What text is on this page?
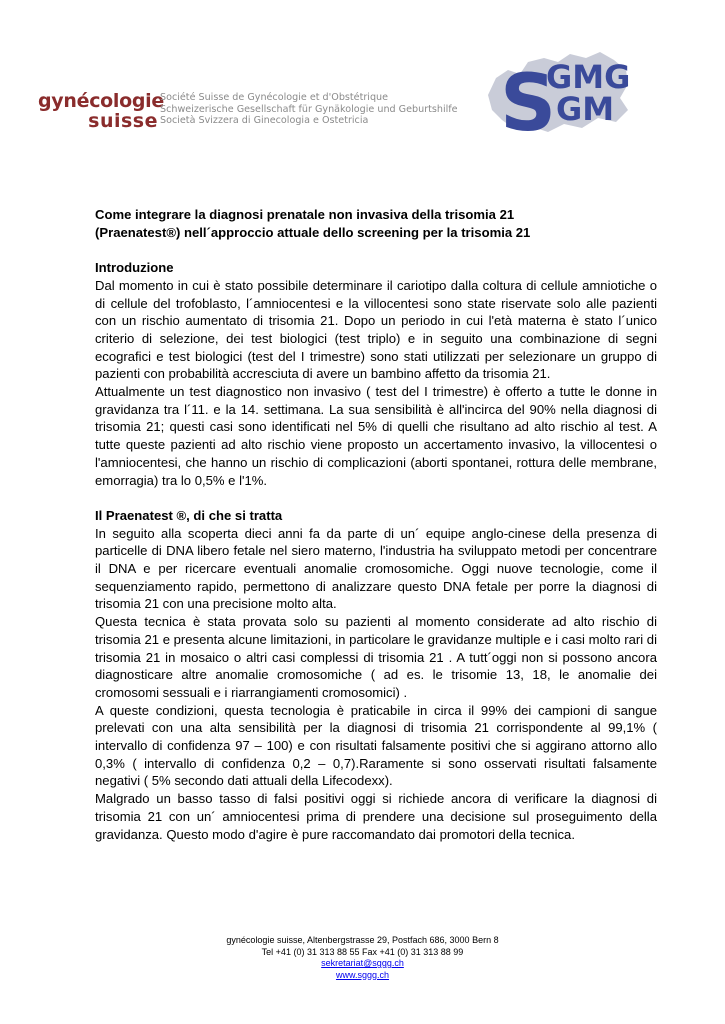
gynécologie
suisse
Société Suisse de Gynécologie et d'Obstétrique
Schweizerische Gesellschaft für Gynäkologie und Geburtshilfe
Società Svizzera di Ginecologia e Ostetricia	S
GMG
GM
Come integrare la diagnosi prenatale non invasiva della trisomia 21
(Praenatest®) nell´approccio attuale dello screening per la trisomia 21
Introduzione

Dal momento in cui è stato possibile determinare il cariotipo dalla coltura di cellule amniotiche o di cellule del trofoblasto, l´amniocentesi e la villocentesi sono state riservate solo alle pazienti con un rischio aumentato di trisomia 21. Dopo un periodo in cui l'età materna è stato l´unico criterio di selezione, dei test biologici (test triplo) e in seguito una combinazione di segni ecografici e test biologici (test del I trimestre) sono stati utilizzati per selezionare un gruppo di pazienti con probabilità accresciuta di avere un bambino affetto da trisomia 21.

Attualmente un test diagnostico non invasivo ( test del I trimestre) è offerto a tutte le donne in gravidanza tra l´11. e la 14. settimana. La sua sensibilità è all'incirca del 90% nella diagnosi di trisomia 21; questi casi sono identificati nel 5% di quelli che risultano ad alto rischio al test. A tutte queste pazienti ad alto rischio viene proposto un accertamento invasivo, la villocentesi o l'amniocentesi, che hanno un rischio di complicazioni (aborti spontanei, rottura delle membrane, emorragia) tra lo 0,5% e l'1%.

Il Praenatest ®, di che si tratta

In seguito alla scoperta dieci anni fa da parte di un´ equipe anglo-cinese della presenza di particelle di DNA libero fetale nel siero materno, l'industria ha sviluppato metodi per concentrare il DNA e per ricercare eventuali anomalie cromosomiche. Oggi nuove tecnologie, come il sequenziamento rapido, permettono di analizzare questo DNA fetale per porre la diagnosi di trisomia 21 con una precisione molto alta.

Questa tecnica è stata provata solo su pazienti al momento considerate ad alto rischio di trisomia 21 e presenta alcune limitazioni, in particolare le gravidanze multiple e i casi molto rari di trisomia 21 in mosaico o altri casi complessi di trisomia 21 . A tutt´oggi non si possono ancora diagnosticare altre anomalie cromosomiche ( ad es. le trisomie 13, 18, le anomalie dei cromosomi sessuali e i riarrangiamenti cromosomici) .

A queste condizioni, questa tecnologia è praticabile in circa il 99% dei campioni di sangue prelevati con una alta sensibilità per la diagnosi di trisomia 21 corrispondente al 99,1% ( intervallo di confidenza 97 – 100) e con risultati falsamente positivi che si aggirano attorno allo 0,3% ( intervallo di confidenza 0,2 – 0,7).Raramente si sono osservati risultati falsamente negativi ( 5% secondo dati attuali della Lifecodexx).

Malgrado un basso tasso di falsi positivi oggi si richiede ancora di verificare la diagnosi di trisomia 21 con un´ amniocentesi prima di prendere una decisione sul proseguimento della gravidanza. Questo modo d'agire è pure raccomandato dai promotori della tecnica.

gynécologie suisse, Altenbergstrasse 29, Postfach 686, 3000 Bern 8
Tel +41 (0) 31 313 88 55 Fax +41 (0) 31 313 88 99
sekretariat@sggg.ch
www.sggg.ch
